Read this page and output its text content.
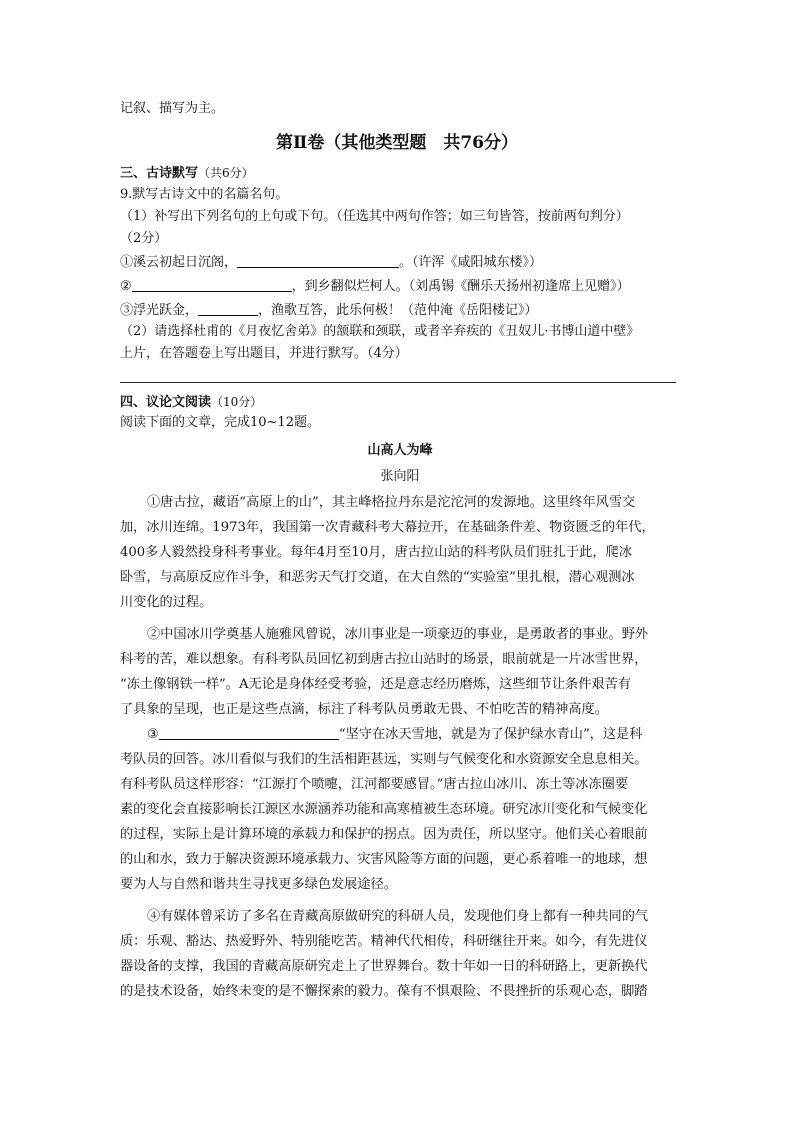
记叙、描写为主。
第Ⅱ卷（其他类型题　共76分）
三、古诗默写（共6分）
9.默写古诗文中的名篇名句。
（1）补写出下列名句的上句或下句。（任选其中两句作答；如三句皆答，按前两句判分）
（2分）
①溪云初起日沉阁，	。（许浑《咸阳城东楼》）
②	，到乡翻似烂柯人。（刘禹锡《酬乐天扬州初逢席上见赠》）
③浮光跃金，	，渔歌互答，此乐何极！（范仲淹《岳阳楼记》）
（2）请选择杜甫的《月夜忆舍弟》的颔联和颈联，或者辛弃疾的《丑奴儿·书博山道中壁》
上片，在答题卷上写出题目，并进行默写。（4分）
四、议论文阅读（10分）
阅读下面的文章，完成10~12题。
山高人为峰
张向阳
①唐古拉，藏语“高原上的山”，其主峰格拉丹东是沱沱河的发源地。这里终年风雪交
加，冰川连绵。1973年，我国第一次青藏科考大幕拉开，在基础条件差、物资匮乏的年代，
400多人毅然投身科考事业。每年4月至10月，唐古拉山站的科考队员们驻扎于此，爬冰
卧雪，与高原反应作斗争，和恶劣天气打交道，在大自然的“实验室”里扎根，潜心观测冰
川变化的过程。
②中国冰川学奠基人施雅风曾说，冰川事业是一项豪迈的事业，是勇敢者的事业。野外
科考的苦，难以想象。有科考队员回忆初到唐古拉山站时的场景，眼前就是一片冰雪世界，
“冻土像钢铁一样”。A无论是身体经受考验，还是意志经历磨炼，这些细节让条件艰苦有
了具象的呈现，也正是这些点滴，标注了科考队员勇敢无畏、不怕吃苦的精神高度。
③	“坚守在冰天雪地，就是为了保护绿水青山”，这是科
考队员的回答。冰川看似与我们的生活相距甚远，实则与气候变化和水资源安全息息相关。
有科考队员这样形容：“江源打个喷嚏，江河都要感冒。”唐古拉山冰川、冻土等冰冻圈要
素的变化会直接影响长江源区水源涵养功能和高寒植被生态环境。研究冰川变化和气候变化
的过程，实际上是计算环境的承载力和保护的拐点。因为责任，所以坚守。他们关心着眼前
的山和水，致力于解决资源环境承载力、灾害风险等方面的问题，更心系着唯一的地球，想
要为人与自然和谐共生寻找更多绿色发展途径。
④有媒体曾采访了多名在青藏高原做研究的科研人员，发现他们身上都有一种共同的气
质：乐观、豁达、热爱野外、特别能吃苦。精神代代相传，科研继往开来。如今，有先进仪
器设备的支撑，我国的青藏高原研究走上了世界舞台。数十年如一日的科研路上，更新换代
的是技术设备，始终未变的是不懈探索的毅力。葆有不惧艰险、不畏挫折的乐观心态，脚踏
